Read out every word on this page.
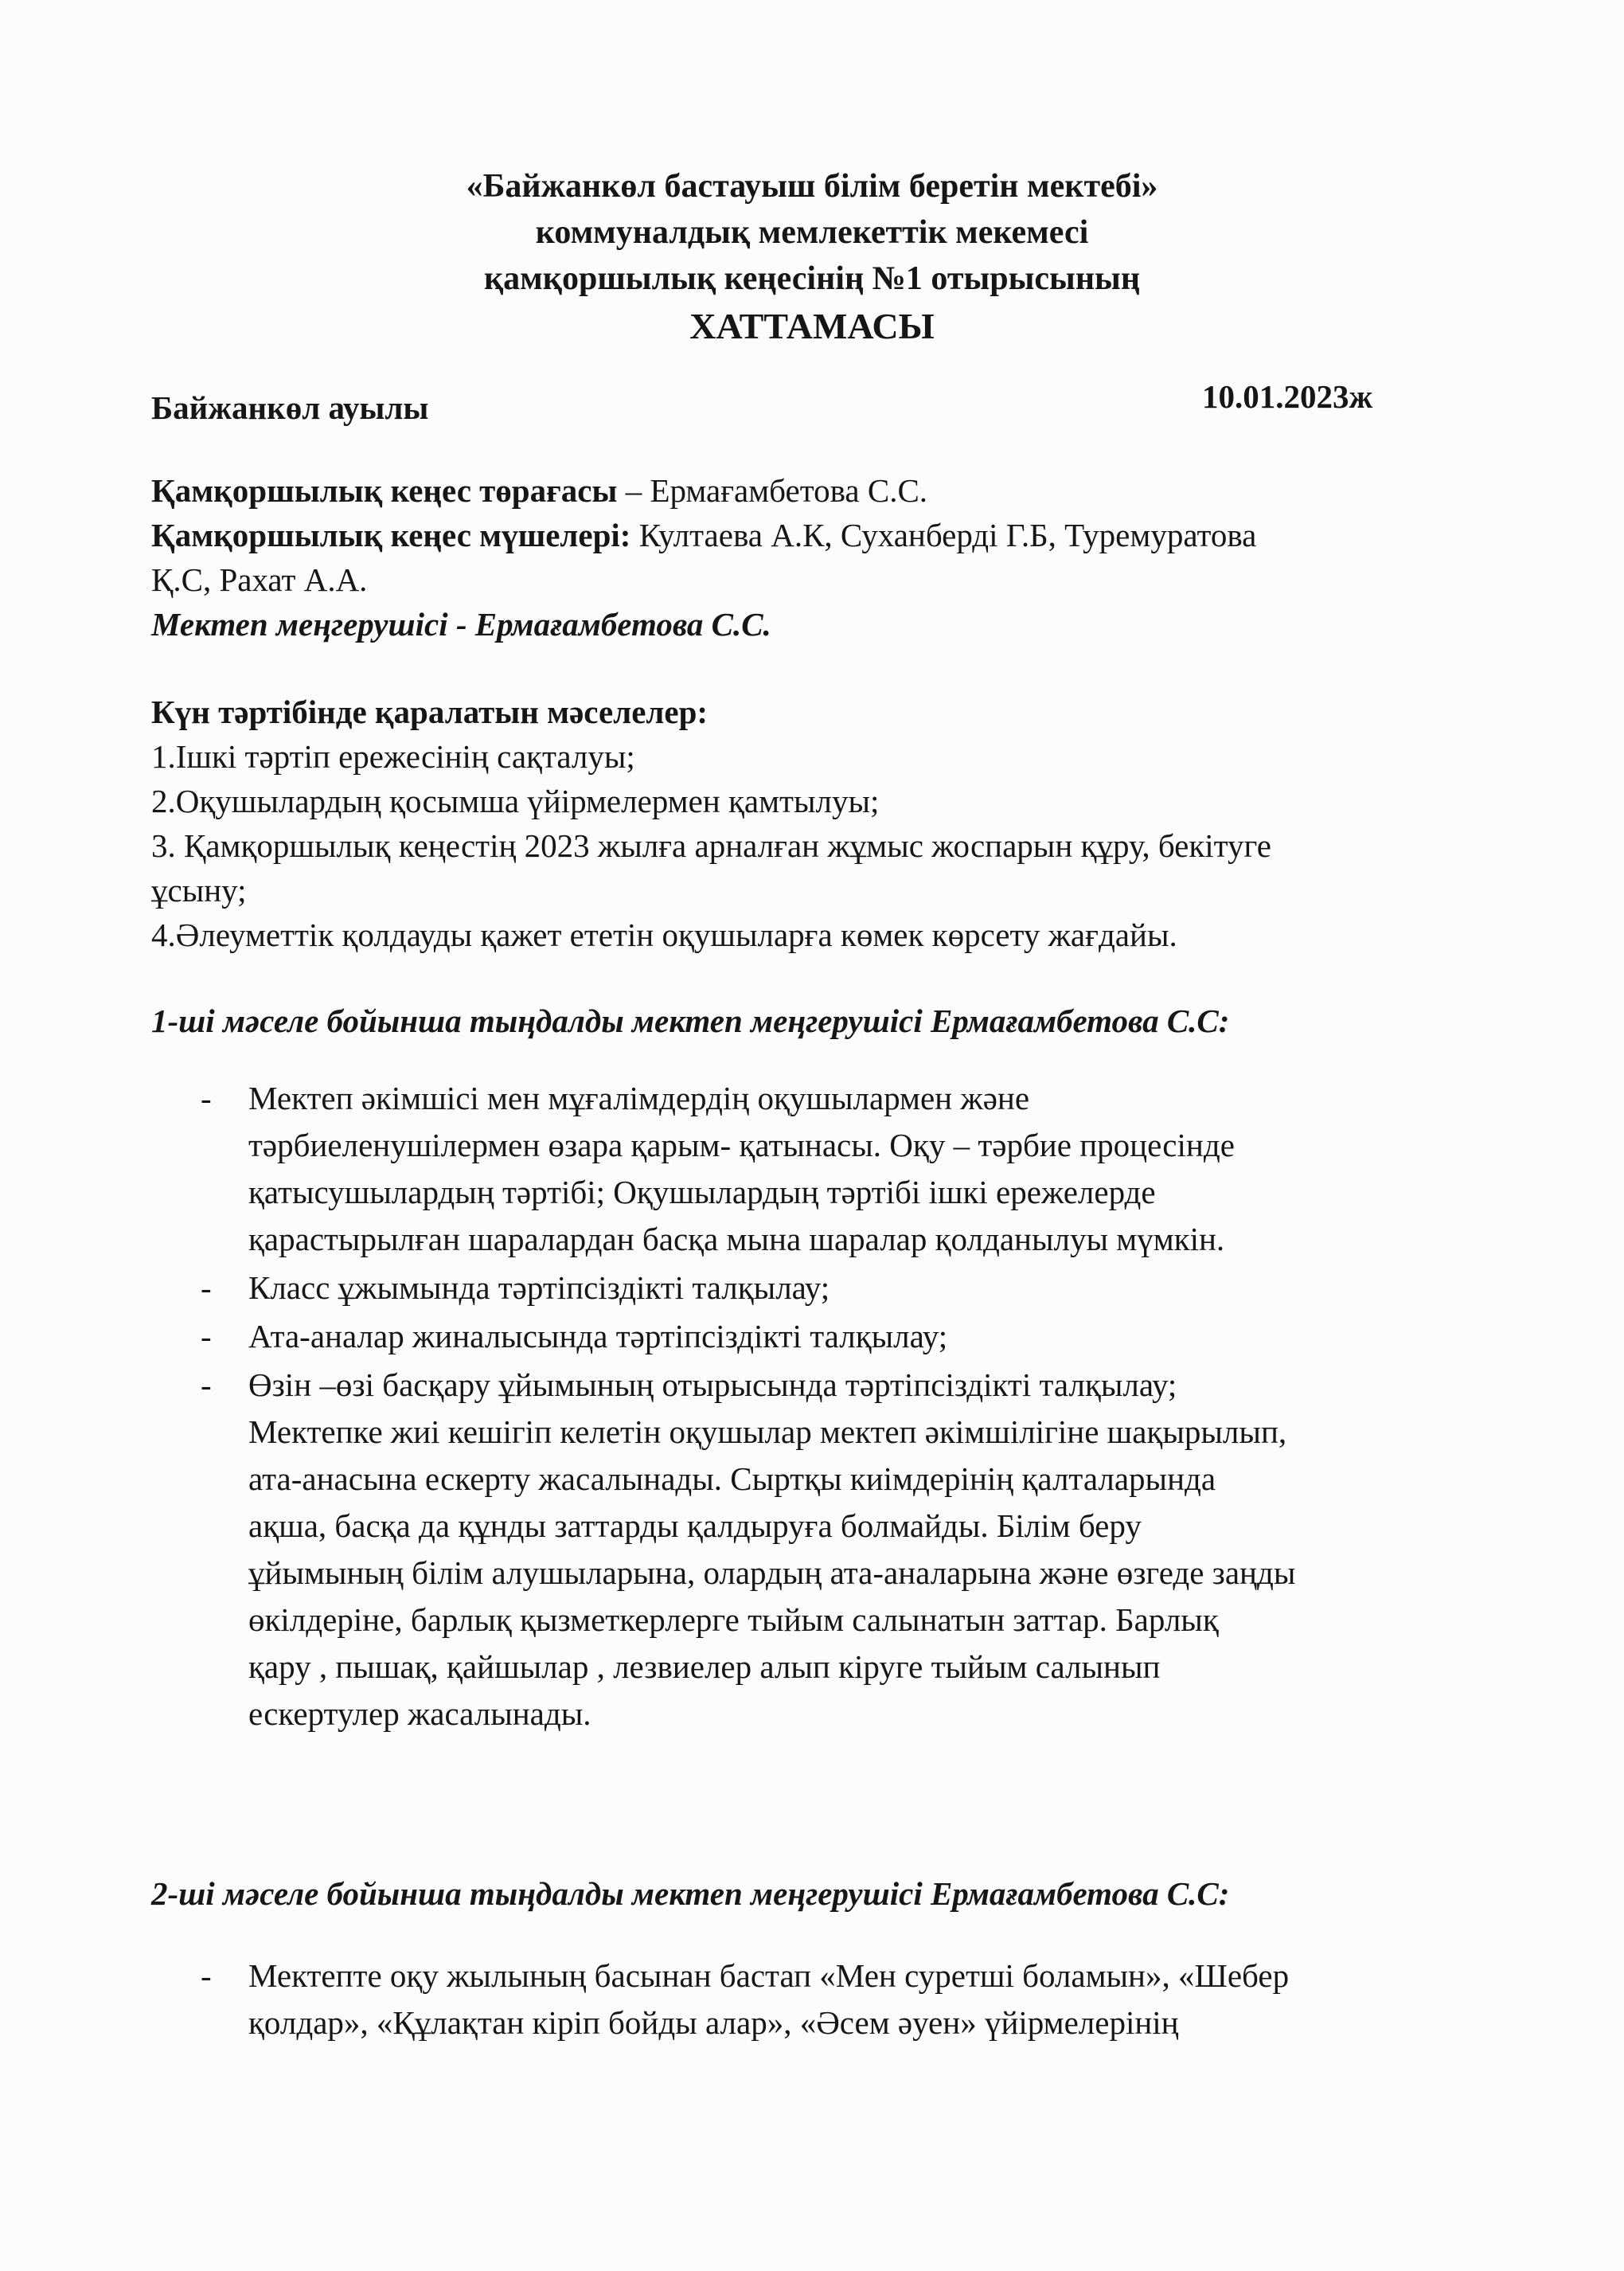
«Байжанкөл бастауыш білім беретін мектебі»
коммуналдық мемлекеттік мекемесі
қамқоршылық кеңесінің №1 отырысының
ХАТТАМАСЫ
Байжанкөл ауылы	10.01.2023ж
Қамқоршылық кеңес төрағасы – Ермағамбетова С.С.
Қамқоршылық кеңес мүшелері: Култаева А.К, Суханберді Г.Б, Туремуратова
Қ.С, Рахат А.А.
Мектеп меңгерушісі - Ермағамбетова С.С.
Күн тәртібінде қаралатын мәселелер:
1.Ішкі тәртіп ережесінің сақталуы;
2.Оқушылардың қосымша үйірмелермен қамтылуы;
3. Қамқоршылық кеңестің 2023 жылға арналған жұмыс жоспарын құру, бекітуге
ұсыну;
4.Әлеуметтік қолдауды қажет ететін оқушыларға көмек көрсету жағдайы.
1-ші мәселе бойынша тыңдалды мектеп меңгерушісі Ермағамбетова С.С:
- Мектеп әкімшісі мен мұғалімдердің оқушылармен және
тәрбиеленушілермен өзара қарым- қатынасы. Оқу – тәрбие процесінде
қатысушылардың тәртібі; Оқушылардың тәртібі ішкі ережелерде
қарастырылған шаралардан басқа мына шаралар қолданылуы мүмкін.
- Класс ұжымында тәртіпсіздікті талқылау;
- Ата-аналар жиналысында тәртіпсіздікті талқылау;
- Өзін –өзі басқару ұйымының отырысында тәртіпсіздікті талқылау;
Мектепке жиі кешігіп келетін оқушылар мектеп әкімшілігіне шақырылып,
ата-анасына ескерту жасалынады. Сыртқы киімдерінің қалталарында
ақша, басқа да құнды заттарды қалдыруға болмайды. Білім беру
ұйымының білім алушыларына, олардың ата-аналарына және өзгеде заңды
өкілдеріне, барлық қызметкерлерге тыйым салынатын заттар. Барлық
қару , пышақ, қайшылар , лезвиелер алып кіруге тыйым салынып
ескертулер жасалынады.
2-ші мәселе бойынша тыңдалды мектеп меңгерушісі Ермағамбетова С.С:
- Мектепте оқу жылының басынан бастап «Мен суретші боламын», «Шебер
қолдар», «Құлақтан кіріп бойды алар», «Әсем әуен» үйірмелерінің
